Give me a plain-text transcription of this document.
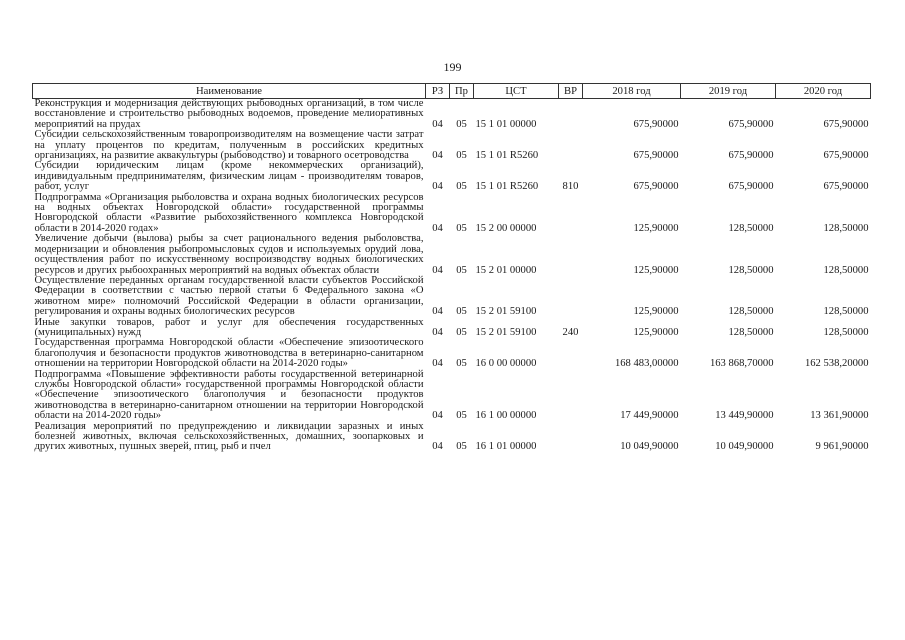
199
Наименование	РЗ	Пр	ЦСТ	ВР	2018 год	2019 год	2020 год
Реконструкция и модернизация действующих рыбоводных организаций, в том числе восстановление и строительство рыбоводных водоемов, проведение мелиоративных мероприятий на прудах	04	05	15 1 01 00000		675,90000	675,90000	675,90000
Субсидии сельскохозяйственным товаропроизводителям на возмещение части затрат на уплату процентов по кредитам, полученным в российских кредитных организациях, на развитие аквакультуры (рыбоводство) и товарного осетроводства	04	05	15 1 01 R5260		675,90000	675,90000	675,90000
Субсидии юридическим лицам (кроме некоммерческих организаций), индивидуальным предпринимателям, физическим лицам - производителям товаров, работ, услуг	04	05	15 1 01 R5260	810	675,90000	675,90000	675,90000
Подпрограмма «Организация рыболовства и охрана водных биологических ресурсов на водных объектах Новгородской области» государственной программы Новгородской области «Развитие рыбохозяйственного комплекса Новгородской области в 2014-2020 годах»	04	05	15 2 00 00000		125,90000	128,50000	128,50000
Увеличение добычи (вылова) рыбы за счет рационального ведения рыболовства, модернизации и обновления рыбопромысловых судов и используемых орудий лова, осуществления работ по искусственному воспроизводству водных биологических ресурсов и других рыбоохранных мероприятий на водных объектах области	04	05	15 2 01 00000		125,90000	128,50000	128,50000
Осуществление переданных органам государственной власти субъектов Российской Федерации в соответствии с частью первой статьи 6 Федерального закона «О животном мире» полномочий Российской Федерации в области организации, регулирования и охраны водных биологических ресурсов	04	05	15 2 01 59100		125,90000	128,50000	128,50000
Иные закупки товаров, работ и услуг для обеспечения государственных (муниципальных) нужд	04	05	15 2 01 59100	240	125,90000	128,50000	128,50000
Государственная программа Новгородской области «Обеспечение эпизоотического благополучия и безопасности продуктов животноводства в ветеринарно-санитарном отношении на территории Новгородской области на 2014-2020 годы»	04	05	16 0 00 00000		168 483,00000	163 868,70000	162 538,20000
Подпрограмма «Повышение эффективности работы государственной ветеринарной службы Новгородской области» государственной программы Новгородской области «Обеспечение эпизоотического благополучия и безопасности продуктов животноводства в ветеринарно-санитарном отношении на территории Новгородской области на 2014-2020 годы»	04	05	16 1 00 00000		17 449,90000	13 449,90000	13 361,90000
Реализация мероприятий по предупреждению и ликвидации заразных и иных болезней животных, включая сельскохозяйственных, домашних, зоопарковых и других животных, пушных зверей, птиц, рыб и пчел	04	05	16 1 01 00000		10 049,90000	10 049,90000	9 961,90000
